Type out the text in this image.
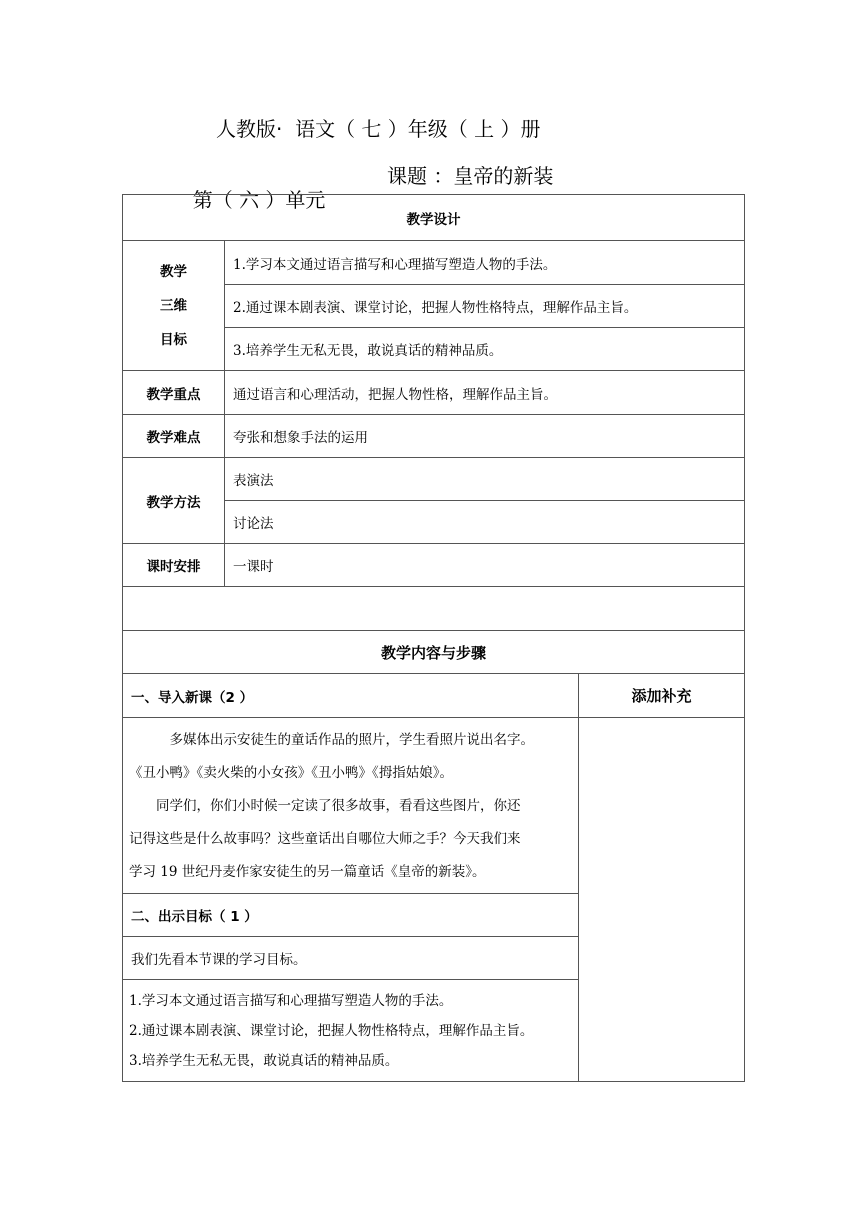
人教版·  语文（ 七 ）年级（ 上 ）册

第（ 六 ）单元

课题 ：皇帝的新装

教学设计		

教学
三维
目标	1.学习本文通过语言描写和心理描写塑造人物的手法。	
	2.通过课本剧表演、课堂讨论，把握人物性格特点，理解作品主旨。	
	3.培养学生无私无畏，敢说真话的精神品质。	
教学重点	通过语言和心理活动，把握人物性格，理解作品主旨。	
教学难点	夸张和想象手法的运用	
教学方法	表演法	
	讨论法	
课时安排	一课时	

教学内容与步骤		
一、导入新课（2 ）		添加补充

多媒体出示安徒生的童话作品的照片，学生看照片说出名字。

《丑小鸭》《卖火柴的小女孩》《丑小鸭》《拇指姑娘》。

同学们，你们小时候一定读了很多故事，看看这些图片，你还

记得这些是什么故事吗？这些童话出自哪位大师之手？今天我们来

学习 19 世纪丹麦作家安徒生的另一篇童话《皇帝的新装》。		

二、出示目标（ 1 ）		
我们先看本节课的学习目标。		

1.学习本文通过语言描写和心理描写塑造人物的手法。
2.通过课本剧表演、课堂讨论，把握人物性格特点，理解作品主旨。
3.培养学生无私无畏，敢说真话的精神品质。		
